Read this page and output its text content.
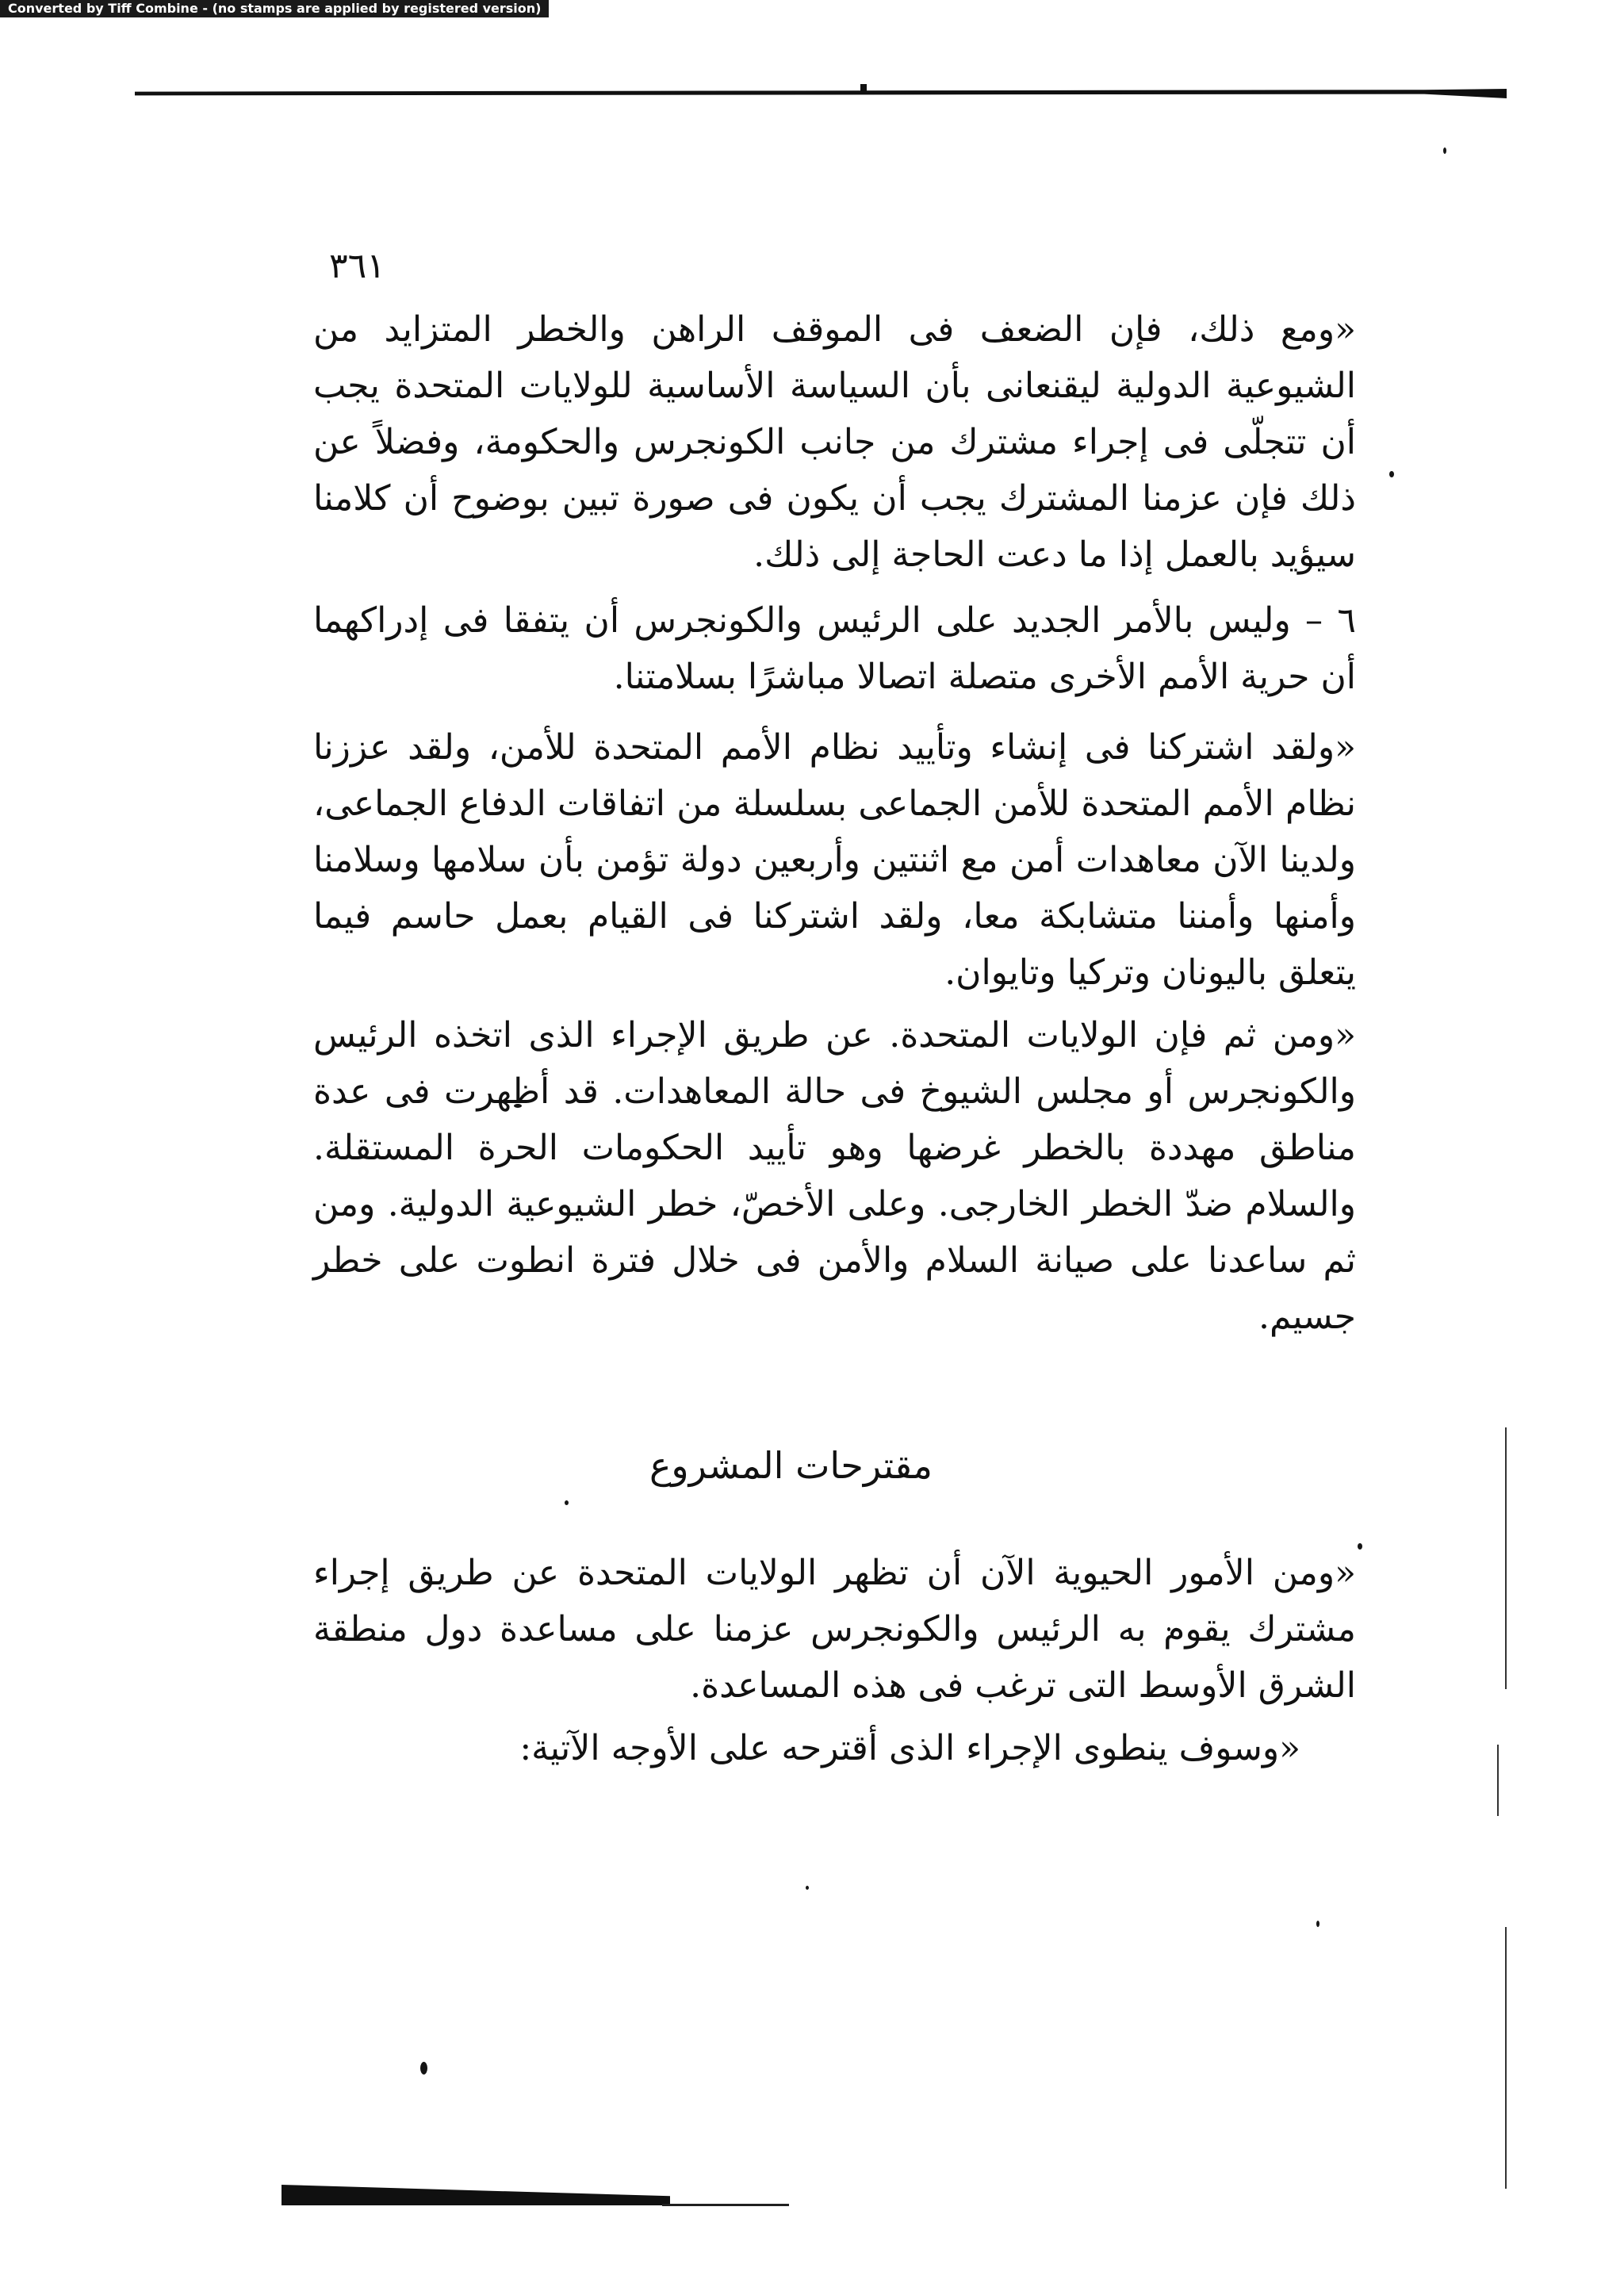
Converted by Tiff Combine - (no stamps are applied by registered version)
٣٦١

«ومع ذلك، فإن الضعف فى الموقف الراهن والخطر المتزايد من الشيوعية الدولية ليقنعانى بأن السياسة الأساسية للولايات المتحدة يجب أن تتجلّى فى إجراء مشترك من جانب الكونجرس والحكومة، وفضلاً عن ذلك فإن عزمنا المشترك يجب أن يكون فى صورة تبين بوضوح أن كلامنا سيؤيد بالعمل إذا ما دعت الحاجة إلى ذلك.

٦ – وليس بالأمر الجديد على الرئيس والكونجرس أن يتفقا فى إدراكهما أن حرية الأمم الأخرى متصلة اتصالا مباشرًا بسلامتنا.

«ولقد اشتركنا فى إنشاء وتأييد نظام الأمم المتحدة للأمن، ولقد عززنا نظام الأمم المتحدة للأمن الجماعى بسلسلة من اتفاقات الدفاع الجماعى، ولدينا الآن معاهدات أمن مع اثنتين وأربعين دولة تؤمن بأن سلامها وسلامنا وأمنها وأمننا متشابكة معا، ولقد اشتركنا فى القيام بعمل حاسم فيما يتعلق باليونان وتركيا وتايوان.

«ومن ثم فإن الولايات المتحدة. عن طريق الإجراء الذى اتخذه الرئيس والكونجرس أو مجلس الشيوخ فى حالة المعاهدات. قد أظهرت فى عدة مناطق مهددة بالخطر غرضها وهو تأييد الحكومات الحرة المستقلة. والسلام ضدّ الخطر الخارجى. وعلى الأخصّ، خطر الشيوعية الدولية. ومن ثم ساعدنا على صيانة السلام والأمن فى خلال فترة انطوت على خطر جسيم.

مقترحات المشروع

«ومن الأمور الحيوية الآن أن تظهر الولايات المتحدة عن طريق إجراء مشترك يقوم به الرئيس والكونجرس عزمنا على مساعدة دول منطقة الشرق الأوسط التى ترغب فى هذه المساعدة.

«وسوف ينطوى الإجراء الذى أقترحه على الأوجه الآتية:
